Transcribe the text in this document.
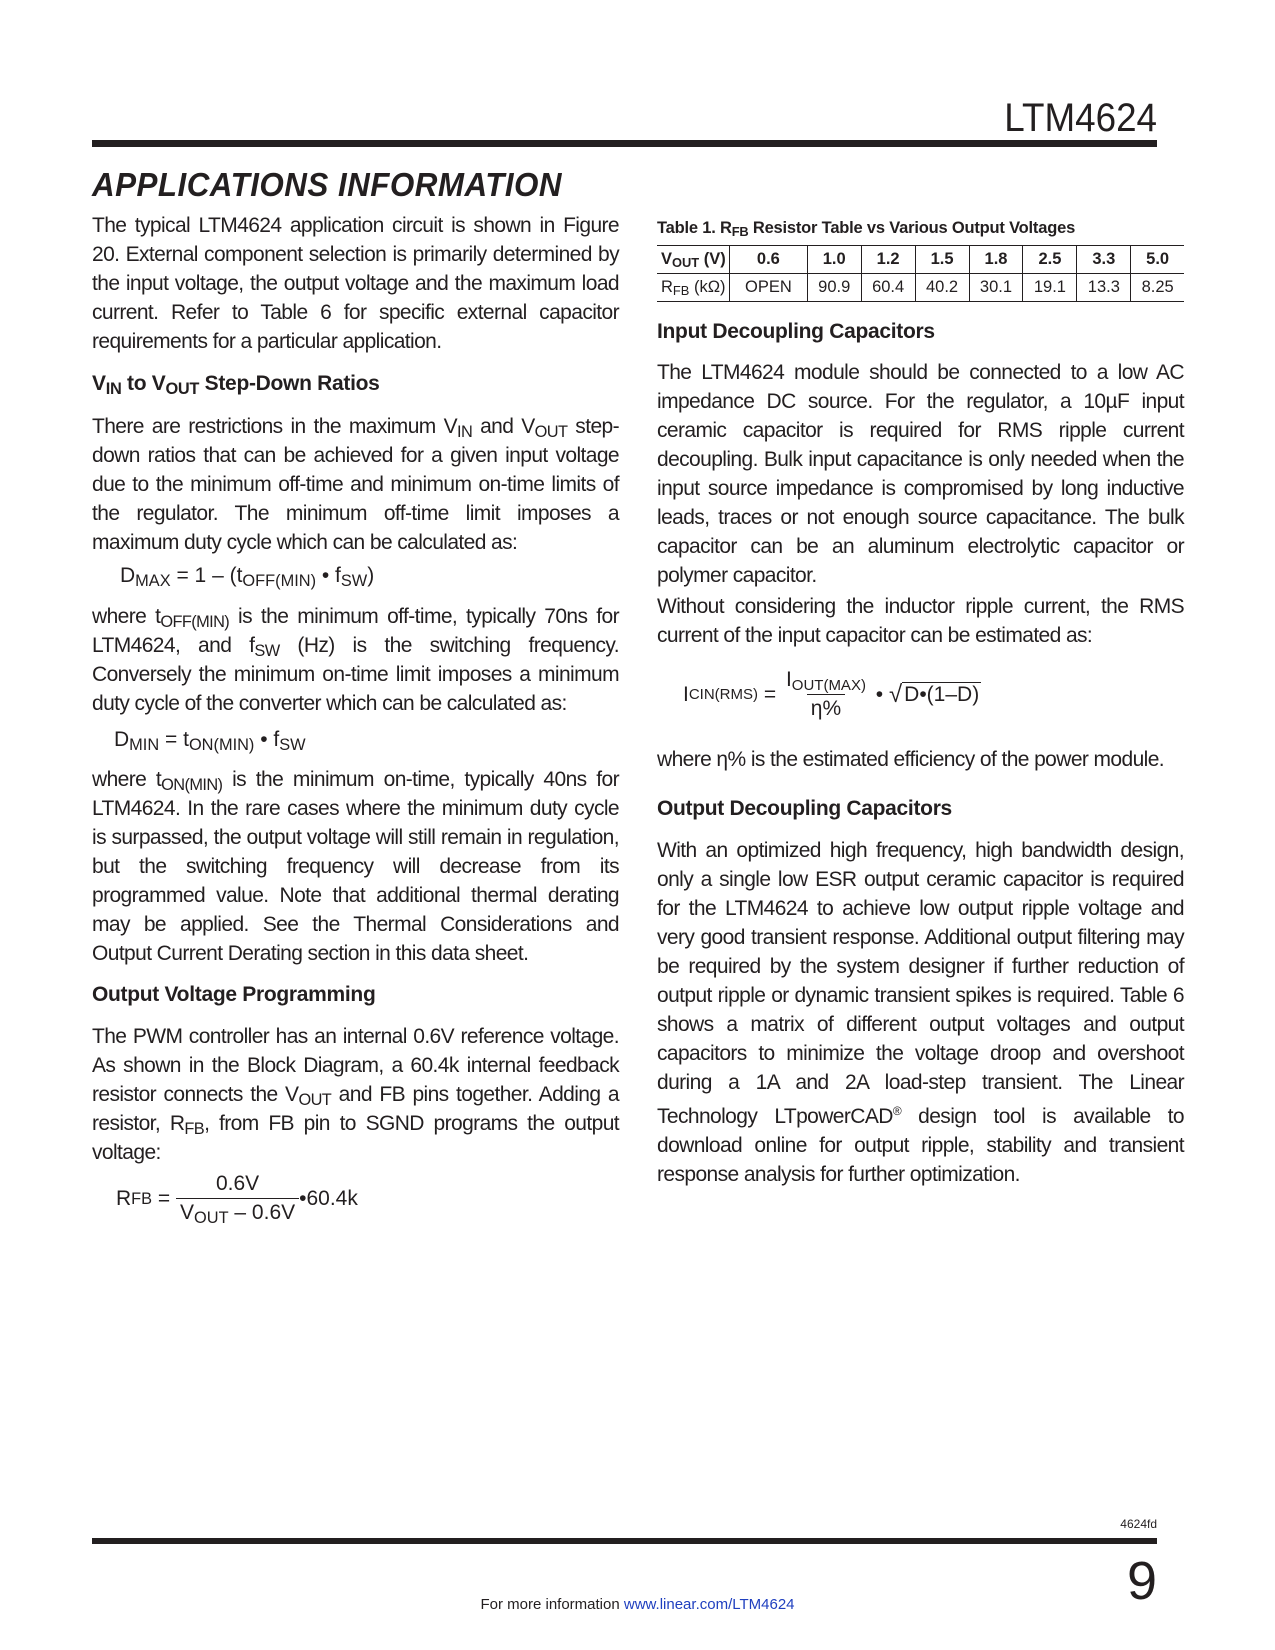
LTM4624
APPLICATIONS INFORMATION

The typical LTM4624 application circuit is shown in Figure 20. External component selection is primarily determined by the input voltage, the output voltage and the maximum load current. Refer to Table 6 for specific external capacitor requirements for a particular application.

$V_{IN}$ to $V_{OUT}$ Step-Down Ratios

There are restrictions in the maximum $V_{IN}$ and $V_{OUT}$ step-down ratios that can be achieved for a given input voltage due to the minimum off-time and minimum on-time limits of the regulator. The minimum off-time limit imposes a maximum duty cycle which can be calculated as:

$D_{MAX} = 1 - (t_{OFF(MIN)}$ • $f_{SW}$)

where $t_{OFF(MIN)}$ is the minimum off-time, typically 70ns for LTM4624, and $f_{SW}$ (Hz) is the switching frequency. Conversely the minimum on-time limit imposes a minimum duty cycle of the converter which can be calculated as:

$D_{MIN} = t_{ON(MIN)}$ • $f_{SW}$

where $t_{ON(MIN)}$ is the minimum on-time, typically 40ns for LTM4624. In the rare cases where the minimum duty cycle is surpassed, the output voltage will still remain in regulation, but the switching frequency will decrease from its programmed value. Note that additional thermal derating may be applied. See the Thermal Considerations and Output Current Derating section in this data sheet.

Output Voltage Programming

The PWM controller has an internal 0.6V reference voltage. As shown in the Block Diagram, a 60.4k internal feedback resistor connects the $V_{OUT}$ and FB pins together. Adding a resistor, $R_{FB}$, from FB pin to SGND programs the output voltage:

R FB = $\frac{0.6V}{V_{OUT} - 0.6V}$ •60.4k
Table 1. $R_{FB}$ Resistor Table vs Various Output Voltages
$V_{OUT}$ (V)	0.6	1.0	1.2	1.5	1.8	2.5	3.3	5.0
$R_{FB}$ (kΩ)	OPEN	90.9	60.4	40.2	30.1	19.1	13.3	8.25
Input Decoupling Capacitors

The LTM4624 module should be connected to a low AC impedance DC source. For the regulator, a 10µF input ceramic capacitor is required for RMS ripple current decoupling. Bulk input capacitance is only needed when the input source impedance is compromised by long inductive leads, traces or not enough source capacitance. The bulk capacitor can be an aluminum electrolytic capacitor or polymer capacitor.

Without considering the inductor ripple current, the RMS current of the input capacitor can be estimated as:

I $CIN(RMS) = \frac{I_{OUT(MAX)}}{\eta\%}$ • √ D•(1–D)

where η% is the estimated efficiency of the power module.

Output Decoupling Capacitors

With an optimized high frequency, high bandwidth design, only a single low ESR output ceramic capacitor is required for the LTM4624 to achieve low output ripple voltage and very good transient response. Additional output filtering may be required by the system designer if further reduction of output ripple or dynamic transient spikes is required. Table 6 shows a matrix of different output voltages and output capacitors to minimize the voltage droop and overshoot during a 1A and 2A load-step transient. The Linear Technology LTpowerCAD® design tool is available to download online for output ripple, stability and transient response analysis for further optimization.

4624fd
9
For more information www.linear.com/LTM4624
